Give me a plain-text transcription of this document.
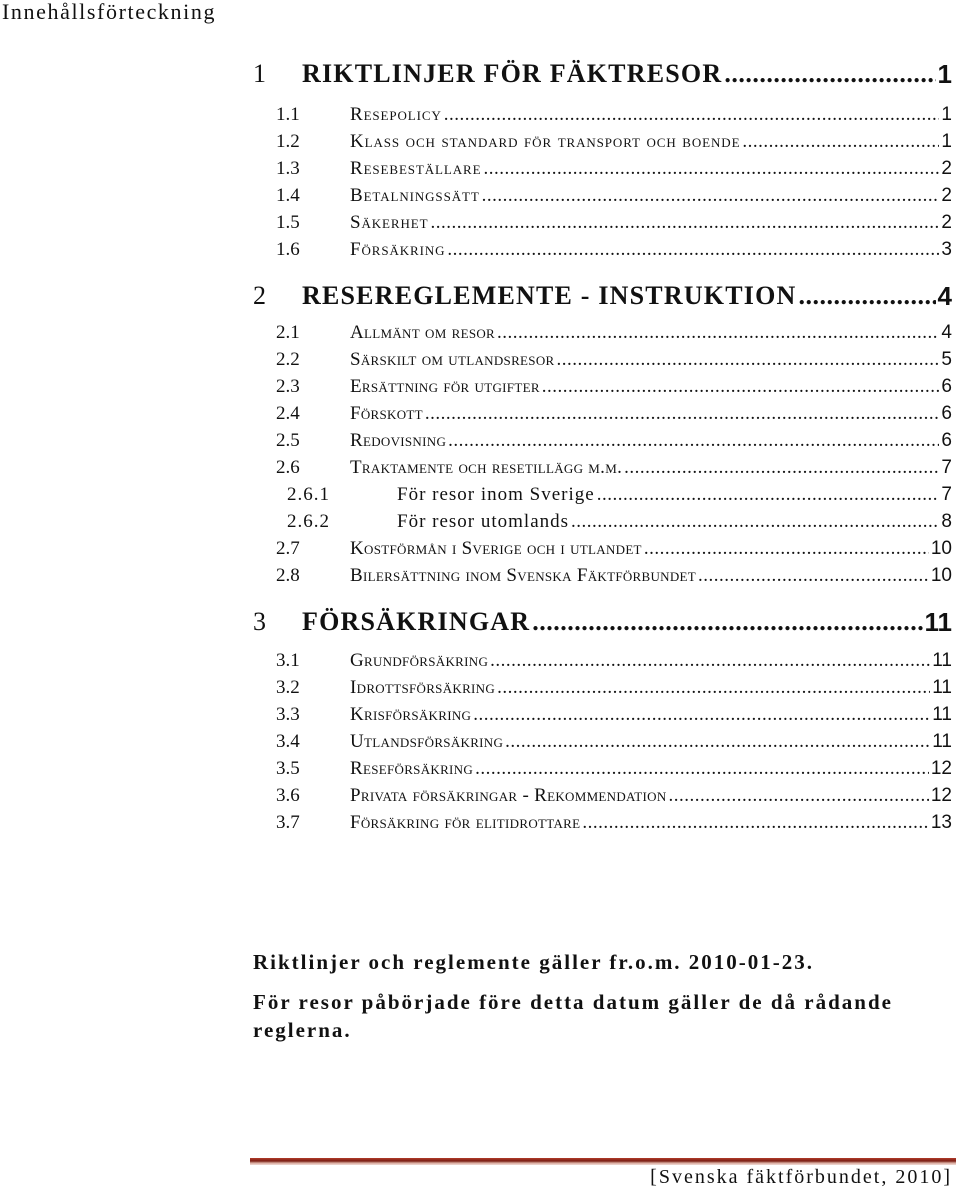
Innehållsförteckning
1 RIKTLINJER FÖR FÄKTRESOR .....	1
1.1	Resepolicy .....	1
1.2	Klass och standard för transport och boende .....	1
1.3	Resebeställare .....	2
1.4	Betalningssätt .....	2
1.5	Säkerhet .....	2
1.6	Försäkring .....	3
2 RESEREGLEMENTE - INSTRUKTION .....	4
2.1	Allmänt om resor .....	4
2.2	Särskilt om utlandsresor .....	5
2.3	Ersättning för utgifter .....	6
2.4	Förskott .....	6
2.5	Redovisning .....	6
2.6	Traktamente och resetillägg m.m. .....	7
2.6.1	För resor inom Sverige .....	7
2.6.2	För resor utomlands .....	8
2.7	Kostförmån i Sverige och i utlandet .....	10
2.8	Bilersättning inom Svenska Fäktförbundet .....	10
3 FÖRSÄKRINGAR .....	11
3.1	Grundförsäkring .....	11
3.2	Idrottsförsäkring .....	11
3.3	Krisförsäkring .....	11
3.4	Utlandsförsäkring .....	11
3.5	Reseförsäkring .....	12
3.6	Privata försäkringar - Rekommendation .....	12
3.7	Försäkring för elitidrottare .....	13
Riktlinjer och reglemente gäller fr.o.m. 2010-01-23.
För resor påbörjade före detta datum gäller de då rådande reglerna.
[Svenska fäktförbundet, 2010]
